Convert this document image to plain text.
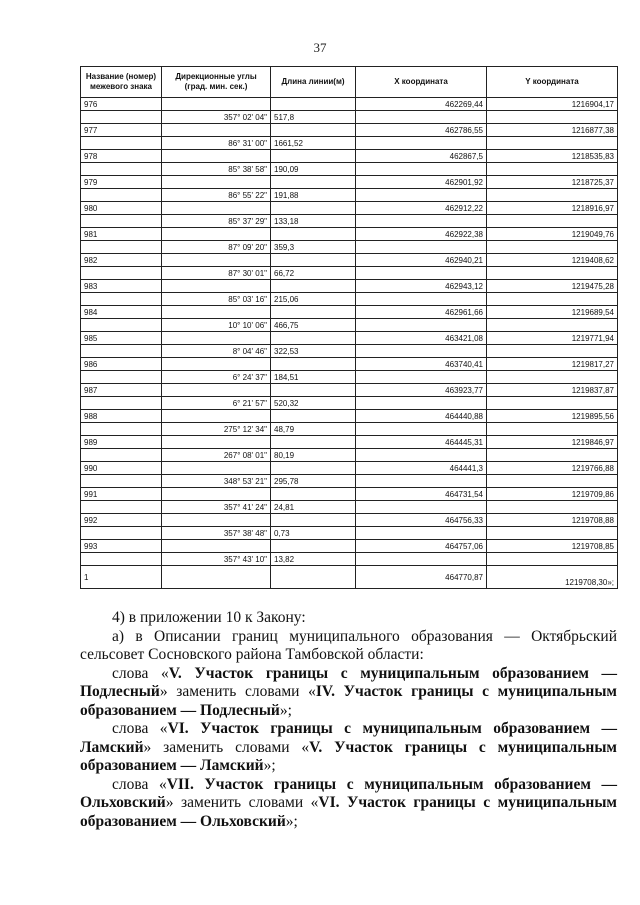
37
Название (номер) межевого знака	Дирекционные углы (град. мин. сек.)	Длина линии(м)	X координата	Y координата
976			462269,44	1216904,17
	357° 02' 04"	517,8		
977			462786,55	1216877,38
	86° 31' 00"	1661,52		
978			462867,5	1218535,83
	85° 38' 58"	190,09		
979			462901,92	1218725,37
	86° 55' 22"	191,88		
980			462912,22	1218916,97
	85° 37' 29"	133,18		
981			462922,38	1219049,76
	87° 09' 20"	359,3		
982			462940,21	1219408,62
	87° 30' 01"	66,72		
983			462943,12	1219475,28
	85° 03' 16"	215,06		
984			462961,66	1219689,54
	10° 10' 06"	466,75		
985			463421,08	1219771,94
	8° 04' 46"	322,53		
986			463740,41	1219817,27
	6° 24' 37"	184,51		
987			463923,77	1219837,87
	6° 21' 57"	520,32		
988			464440,88	1219895,56
	275° 12' 34"	48,79		
989			464445,31	1219846,97
	267° 08' 01"	80,19		
990			464441,3	1219766,88
	348° 53' 21"	295,78		
991			464731,54	1219709,86
	357° 41' 24"	24,81		
992			464756,33	1219708,88
	357° 38' 48"	0,73		
993			464757,06	1219708,85
	357° 43' 10"	13,82		
1			464770,87	1219708,30»;

4) в приложении 10 к Закону:

а) в Описании границ муниципального образования — Октябрьский сельсовет Сосновского района Тамбовской области:

слова «V. Участок границы с муниципальным образованием — Подлесный» заменить словами «IV. Участок границы с муниципальным образованием — Подлесный»;

слова «VI. Участок границы с муниципальным образованием — Ламский» заменить словами «V. Участок границы с муниципальным образованием — Ламский»;

слова «VII. Участок границы с муниципальным образованием — Ольховский» заменить словами «VI. Участок границы с муниципальным образованием — Ольховский»;
